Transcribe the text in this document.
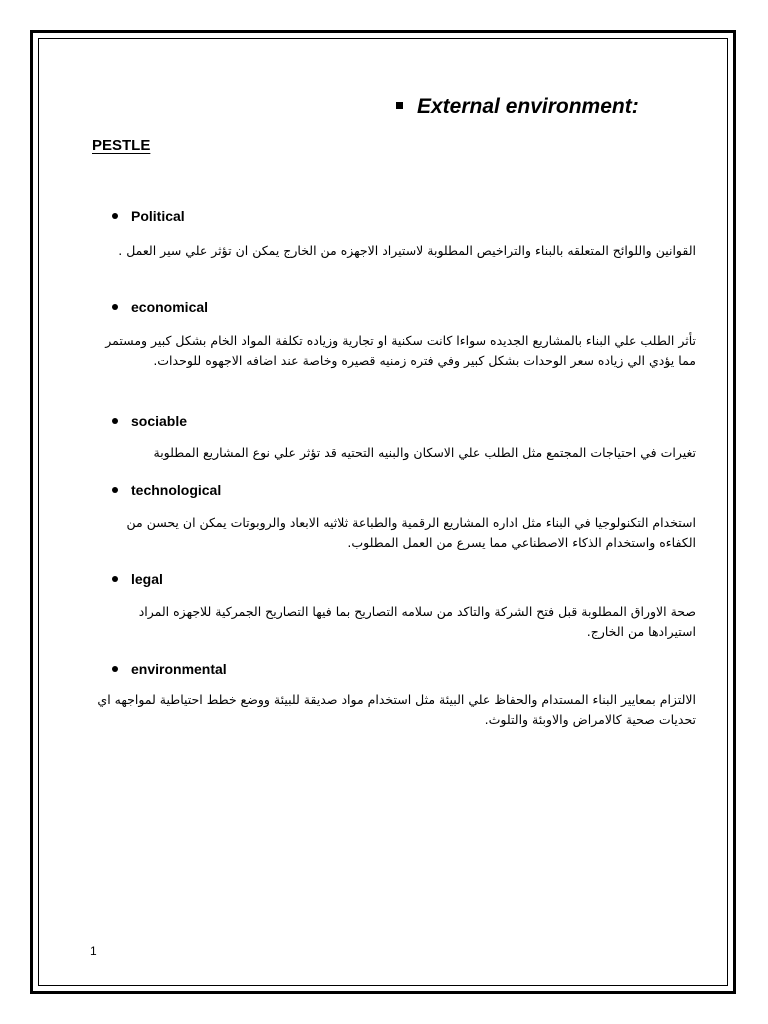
External environment:
PESTLE
Political
القوانين واللوائح المتعلقه بالبناء والتراخيص المطلوبة لاستيراد الاجهزه من الخارج يمكن ان تؤثر علي سير العمل .
economical
تأثر الطلب علي البناء بالمشاريع الجديده سواءا كانت سكنية او تجارية وزياده تكلفة المواد الخام بشكل كبير ومستمر مما يؤدي الي زياده سعر الوحدات بشكل كبير وفي فتره زمنيه قصيره وخاصة عند اضافه الاجهوه للوحدات.
sociable
تغيرات في احتياجات المجتمع مثل الطلب علي الاسكان والبنيه التحتيه قد تؤثر علي نوع المشاريع المطلوبة
technological
استخدام التكنولوجيا في البناء مثل اداره المشاريع الرقمية والطباعة ثلاثيه الابعاد والروبوتات يمكن ان يحسن من الكفاءه واستخدام الذكاء الاصطناعي مما يسرع من العمل المطلوب.
legal
صحة الاوراق المطلوبة قبل فتح الشركة والتاكد من سلامه التصاريح بما فيها التصاريح الجمركية للاجهزه المراد استيرادها من الخارج.
environmental
الالتزام بمعايير البناء المستدام والحفاظ علي البيئة مثل استخدام مواد صديقة للبيئة ووضع خطط احتياطية لمواجهه اي تحديات صحية كالامراض والاوبئة والتلوث.
1
